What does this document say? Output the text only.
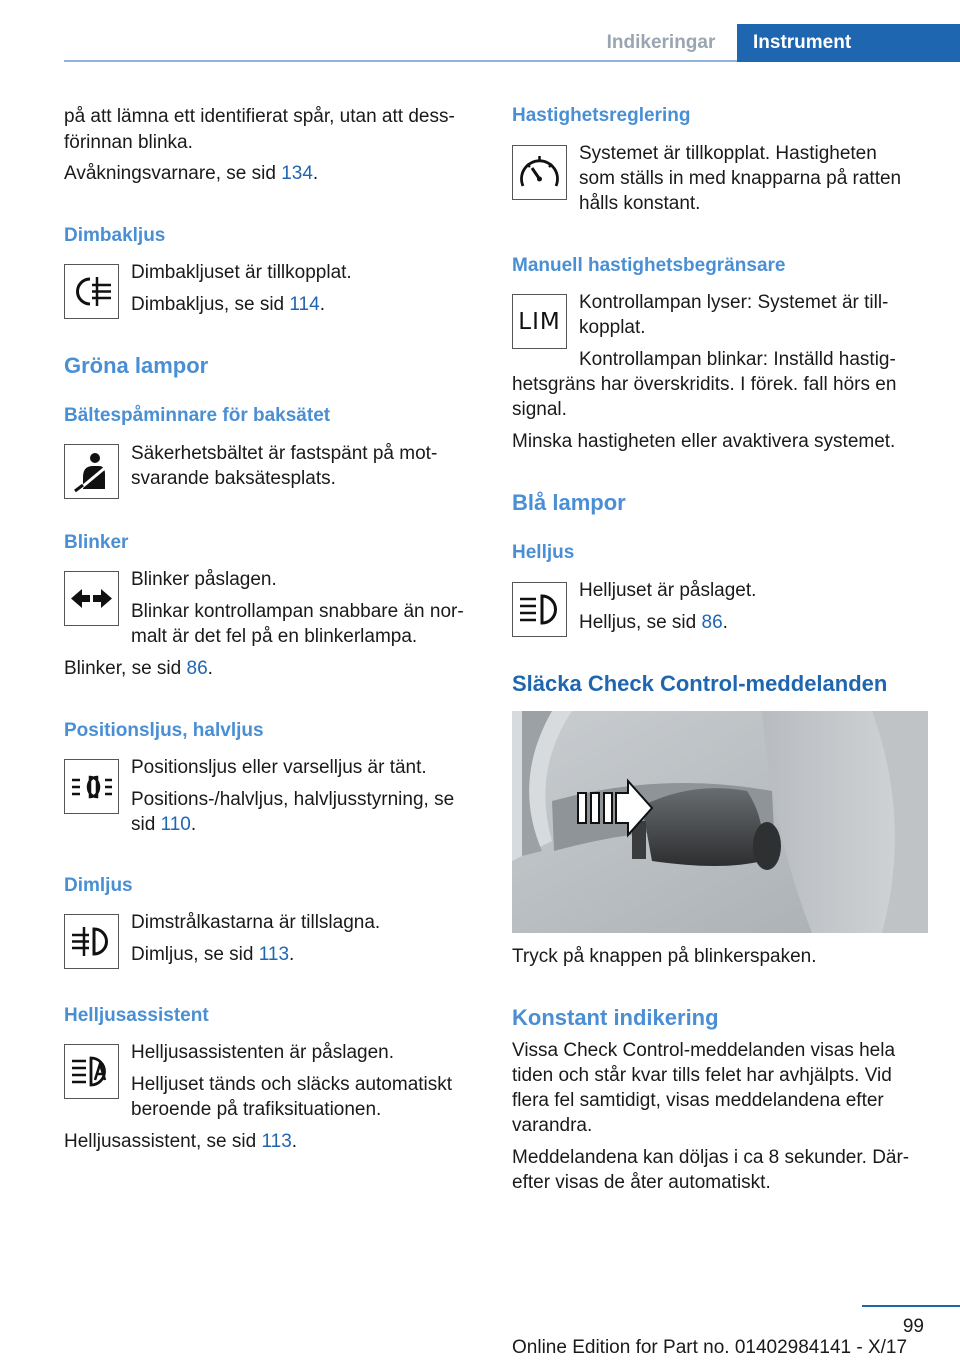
Indikeringar	Instrument
på att lämna ett identifierat spår, utan att dess-
förinnan blinka.
Avåkningsvarnare, se sid 134.
Dimbakljus
Dimbakljuset är tillkopplat.
Dimbakljus, se sid 114.
Gröna lampor
Bältespåminnare för baksätet
Säkerhetsbältet är fastspänt på mot-
svarande baksätesplats.
Blinker
Blinker påslagen.
Blinkar kontrollampan snabbare än nor-
malt är det fel på en blinkerlampa.
Blinker, se sid 86.
Positionsljus, halvljus
Positionsljus eller varselljus är tänt.
Positions-/halvljus, halvljusstyrning, se
sid 110.
Dimljus
Dimstrålkastarna är tillslagna.
Dimljus, se sid 113.
Helljusassistent
Helljusassistenten är påslagen.
Helljuset tänds och släcks automatiskt
beroende på trafiksituationen.
Helljusassistent, se sid 113.
Hastighetsreglering
Systemet är tillkopplat. Hastigheten
som ställs in med knapparna på ratten
hålls konstant.
Manuell hastighetsbegränsare
LIM
Kontrollampan lyser: Systemet är till-
kopplat.
Kontrollampan blinkar: Inställd hastig-
hetsgräns har överskridits. I förek. fall hörs en
signal.
Minska hastigheten eller avaktivera systemet.
Blå lampor
Helljus
Helljuset är påslaget.
Helljus, se sid 86.
Släcka Check Control-meddelanden
Tryck på knappen på blinkerspaken.
Konstant indikering
Vissa Check Control-meddelanden visas hela
tiden och står kvar tills felet har avhjälpts. Vid
flera fel samtidigt, visas meddelandena efter
varandra.
Meddelandena kan döljas i ca 8 sekunder. Där-
efter visas de åter automatiskt.
99
Online Edition for Part no. 01402984141 - X/17
